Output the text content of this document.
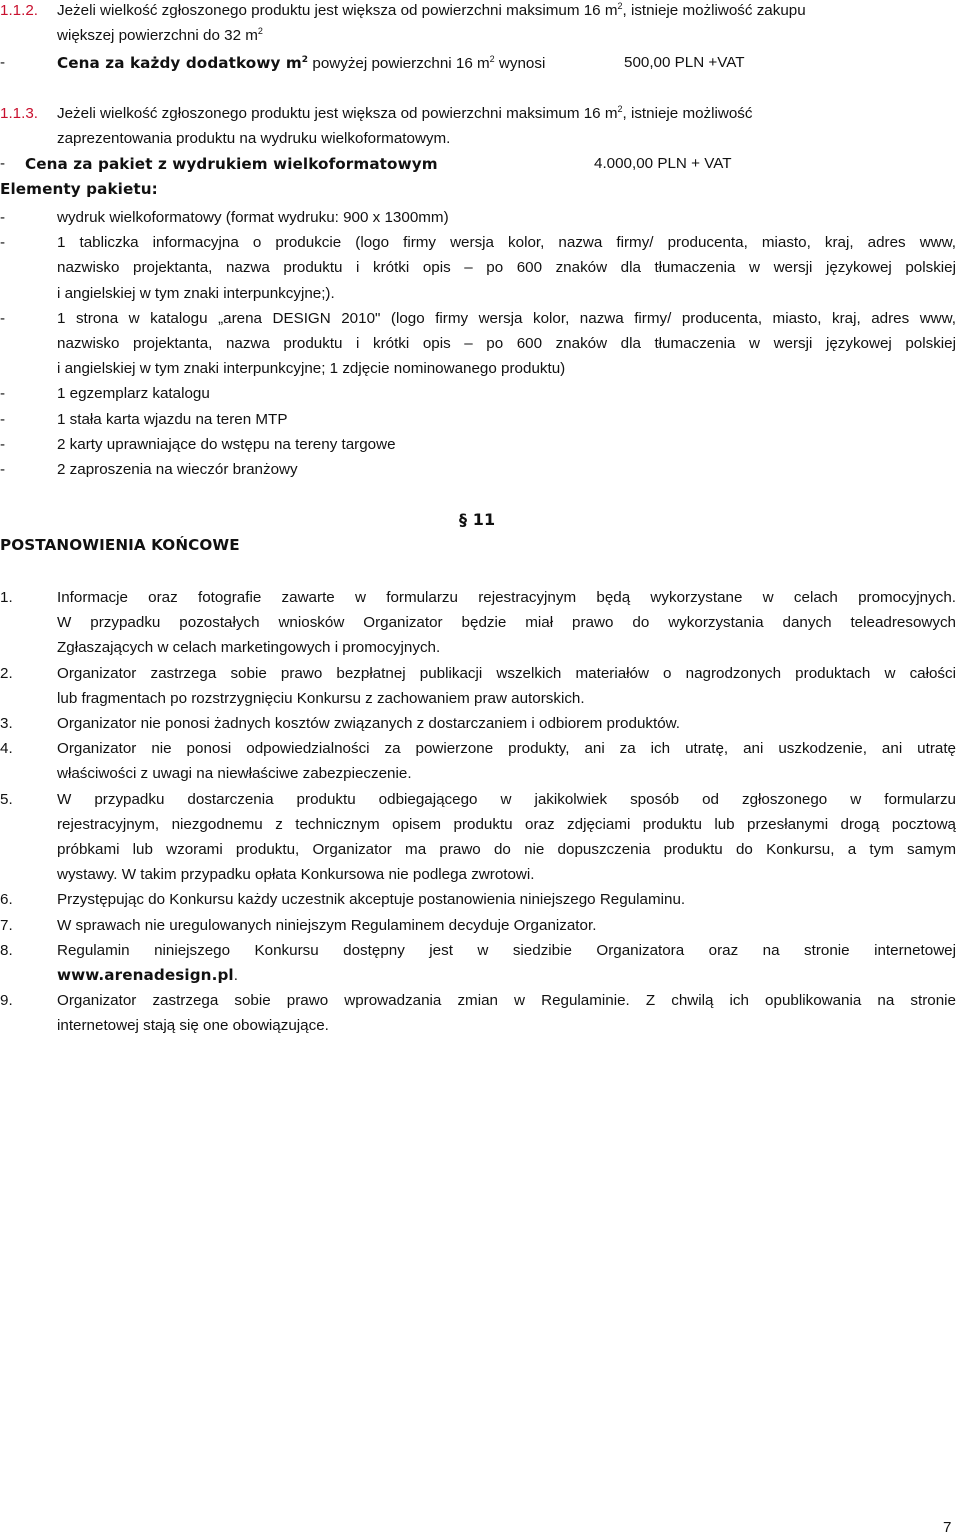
1.1.2. Jeżeli wielkość zgłoszonego produktu jest większa od powierzchni maksimum 16 $m^2$, istnieje możliwość zakupu
większej powierzchni do 32 $m^2$
-	Cena za każdy dodatkowy $m^2$ powyżej powierzchni 16 $m^2$ wynosi	500,00 PLN +VAT
1.1.3. Jeżeli wielkość zgłoszonego produktu jest większa od powierzchni maksimum 16 $m^2$, istnieje możliwość
zaprezentowania produktu na wydruku wielkoformatowym.
- Cena za pakiet z wydrukiem wielkoformatowym	4.000,00 PLN + VAT
Elementy pakietu:
-	wydruk wielkoformatowy (format wydruku: 900 x 1300mm)
-	1 tabliczka informacyjna o produkcie (logo firmy wersja kolor, nazwa firmy/ producenta, miasto, kraj, adres www,
nazwisko projektanta, nazwa produktu i krótki opis – po 600 znaków dla tłumaczenia w wersji językowej polskiej
i angielskiej w tym znaki interpunkcyjne;).
-	1 strona w katalogu „arena DESIGN 2010" (logo firmy wersja kolor, nazwa firmy/ producenta, miasto, kraj, adres www,
nazwisko projektanta, nazwa produktu i krótki opis – po 600 znaków dla tłumaczenia w wersji językowej polskiej
i angielskiej w tym znaki interpunkcyjne; 1 zdjęcie nominowanego produktu)
-	1 egzemplarz katalogu
-	1 stała karta wjazdu na teren MTP
-	2 karty uprawniające do wstępu na tereny targowe
-	2 zaproszenia na wieczór branżowy
§ 11
POSTANOWIENIA KOŃCOWE
1.	Informacje oraz fotografie zawarte w formularzu rejestracyjnym będą wykorzystane w celach promocyjnych.
W przypadku pozostałych wniosków Organizator będzie miał prawo do wykorzystania danych teleadresowych
Zgłaszających w celach marketingowych i promocyjnych.
2.	Organizator zastrzega sobie prawo bezpłatnej publikacji wszelkich materiałów o nagrodzonych produktach w całości
lub fragmentach po rozstrzygnięciu Konkursu z zachowaniem praw autorskich.
3.	Organizator nie ponosi żadnych kosztów związanych z dostarczaniem i odbiorem produktów.
4.	Organizator nie ponosi odpowiedzialności za powierzone produkty, ani za ich utratę, ani uszkodzenie, ani utratę
właściwości z uwagi na niewłaściwe zabezpieczenie.
5.	W przypadku dostarczenia produktu odbiegającego w jakikolwiek sposób od zgłoszonego w formularzu
rejestracyjnym, niezgodnemu z technicznym opisem produktu oraz zdjęciami produktu lub przesłanymi drogą pocztową
próbkami lub wzorami produktu, Organizator ma prawo do nie dopuszczenia produktu do Konkursu, a tym samym
wystawy. W takim przypadku opłata Konkursowa nie podlega zwrotowi.
6.	Przystępując do Konkursu każdy uczestnik akceptuje postanowienia niniejszego Regulaminu.
7.	W sprawach nie uregulowanych niniejszym Regulaminem decyduje Organizator.
8.	Regulamin niniejszego Konkursu dostępny jest w siedzibie Organizatora oraz na stronie internetowej
www.arenadesign.pl.
9.	Organizator zastrzega sobie prawo wprowadzania zmian w Regulaminie. Z chwilą ich opublikowania na stronie
internetowej stają się one obowiązujące.
7
